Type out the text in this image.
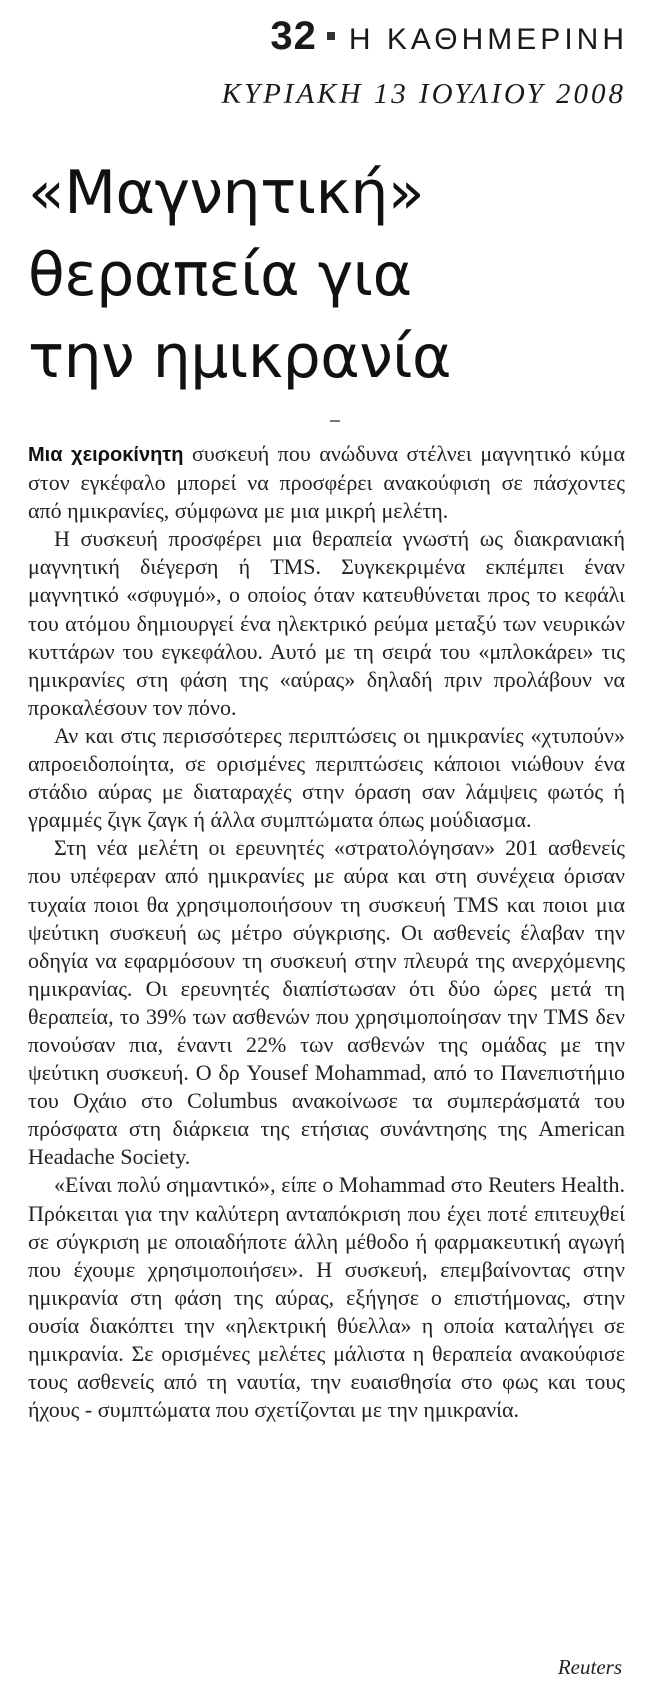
32 Η ΚΑΘΗΜΕΡΙΝΗ
ΚΥΡΙΑΚΗ 13 ΙΟΥΛΙΟΥ 2008
«Μαγνητική»
θεραπεία για
την ημικρανία

Μια χειροκίνητη συσκευή που ανώδυνα στέλνει μαγνητικό κύμα στον εγκέφαλο μπορεί να προσφέρει ανακούφιση σε πάσχοντες από ημικρανίες, σύμφωνα με μια μικρή μελέτη.

Η συσκευή προσφέρει μια θεραπεία γνωστή ως διακρανιακή μαγνητική διέγερση ή TMS. Συγκεκριμένα εκπέμπει έναν μαγνητικό «σφυγμό», ο οποίος όταν κατευθύνεται προς το κεφάλι του ατόμου δημιουργεί ένα ηλεκτρικό ρεύμα μεταξύ των νευρικών κυττάρων του εγκεφάλου. Αυτό με τη σειρά του «μπλοκάρει» τις ημικρανίες στη φάση της «αύρας» δηλαδή πριν προλάβουν να προκαλέσουν τον πόνο.

Αν και στις περισσότερες περιπτώσεις οι ημικρανίες «χτυπούν» απροειδοποίητα, σε ορισμένες περιπτώσεις κάποιοι νιώθουν ένα στάδιο αύρας με διαταραχές στην όραση σαν λάμψεις φωτός ή γραμμές ζιγκ ζαγκ ή άλλα συμπτώματα όπως μούδιασμα.

Στη νέα μελέτη οι ερευνητές «στρατολόγησαν» 201 ασθενείς που υπέφεραν από ημικρανίες με αύρα και στη συνέχεια όρισαν τυχαία ποιοι θα χρησιμοποιήσουν τη συσκευή TMS και ποιοι μια ψεύτικη συσκευή ως μέτρο σύγκρισης. Οι ασθενείς έλαβαν την οδηγία να εφαρμόσουν τη συσκευή στην πλευρά της ανερχόμενης ημικρανίας. Οι ερευνητές διαπίστωσαν ότι δύο ώρες μετά τη θεραπεία, το 39% των ασθενών που χρησιμοποίησαν την TMS δεν πονούσαν πια, έναντι 22% των ασθενών της ομάδας με την ψεύτικη συσκευή. Ο δρ Yousef Mohammad, από το Πανεπιστήμιο του Οχάιο στο Columbus ανακοίνωσε τα συμπεράσματά του πρόσφατα στη διάρκεια της ετήσιας συνάντησης της American Headache Society.

«Είναι πολύ σημαντικό», είπε ο Mohammad στο Reuters Health. Πρόκειται για την καλύτερη ανταπόκριση που έχει ποτέ επιτευχθεί σε σύγκριση με οποιαδήποτε άλλη μέθοδο ή φαρμακευτική αγωγή που έχουμε χρησιμοποιήσει». Η συσκευή, επεμβαίνοντας στην ημικρανία στη φάση της αύρας, εξήγησε ο επιστήμονας, στην ουσία διακόπτει την «ηλεκτρική θύελλα» η οποία καταλήγει σε ημικρανία. Σε ορισμένες μελέτες μάλιστα η θεραπεία ανακούφισε τους ασθενείς από τη ναυτία, την ευαισθησία στο φως και τους ήχους - συμπτώματα που σχετίζονται με την ημικρανία.

Reuters
